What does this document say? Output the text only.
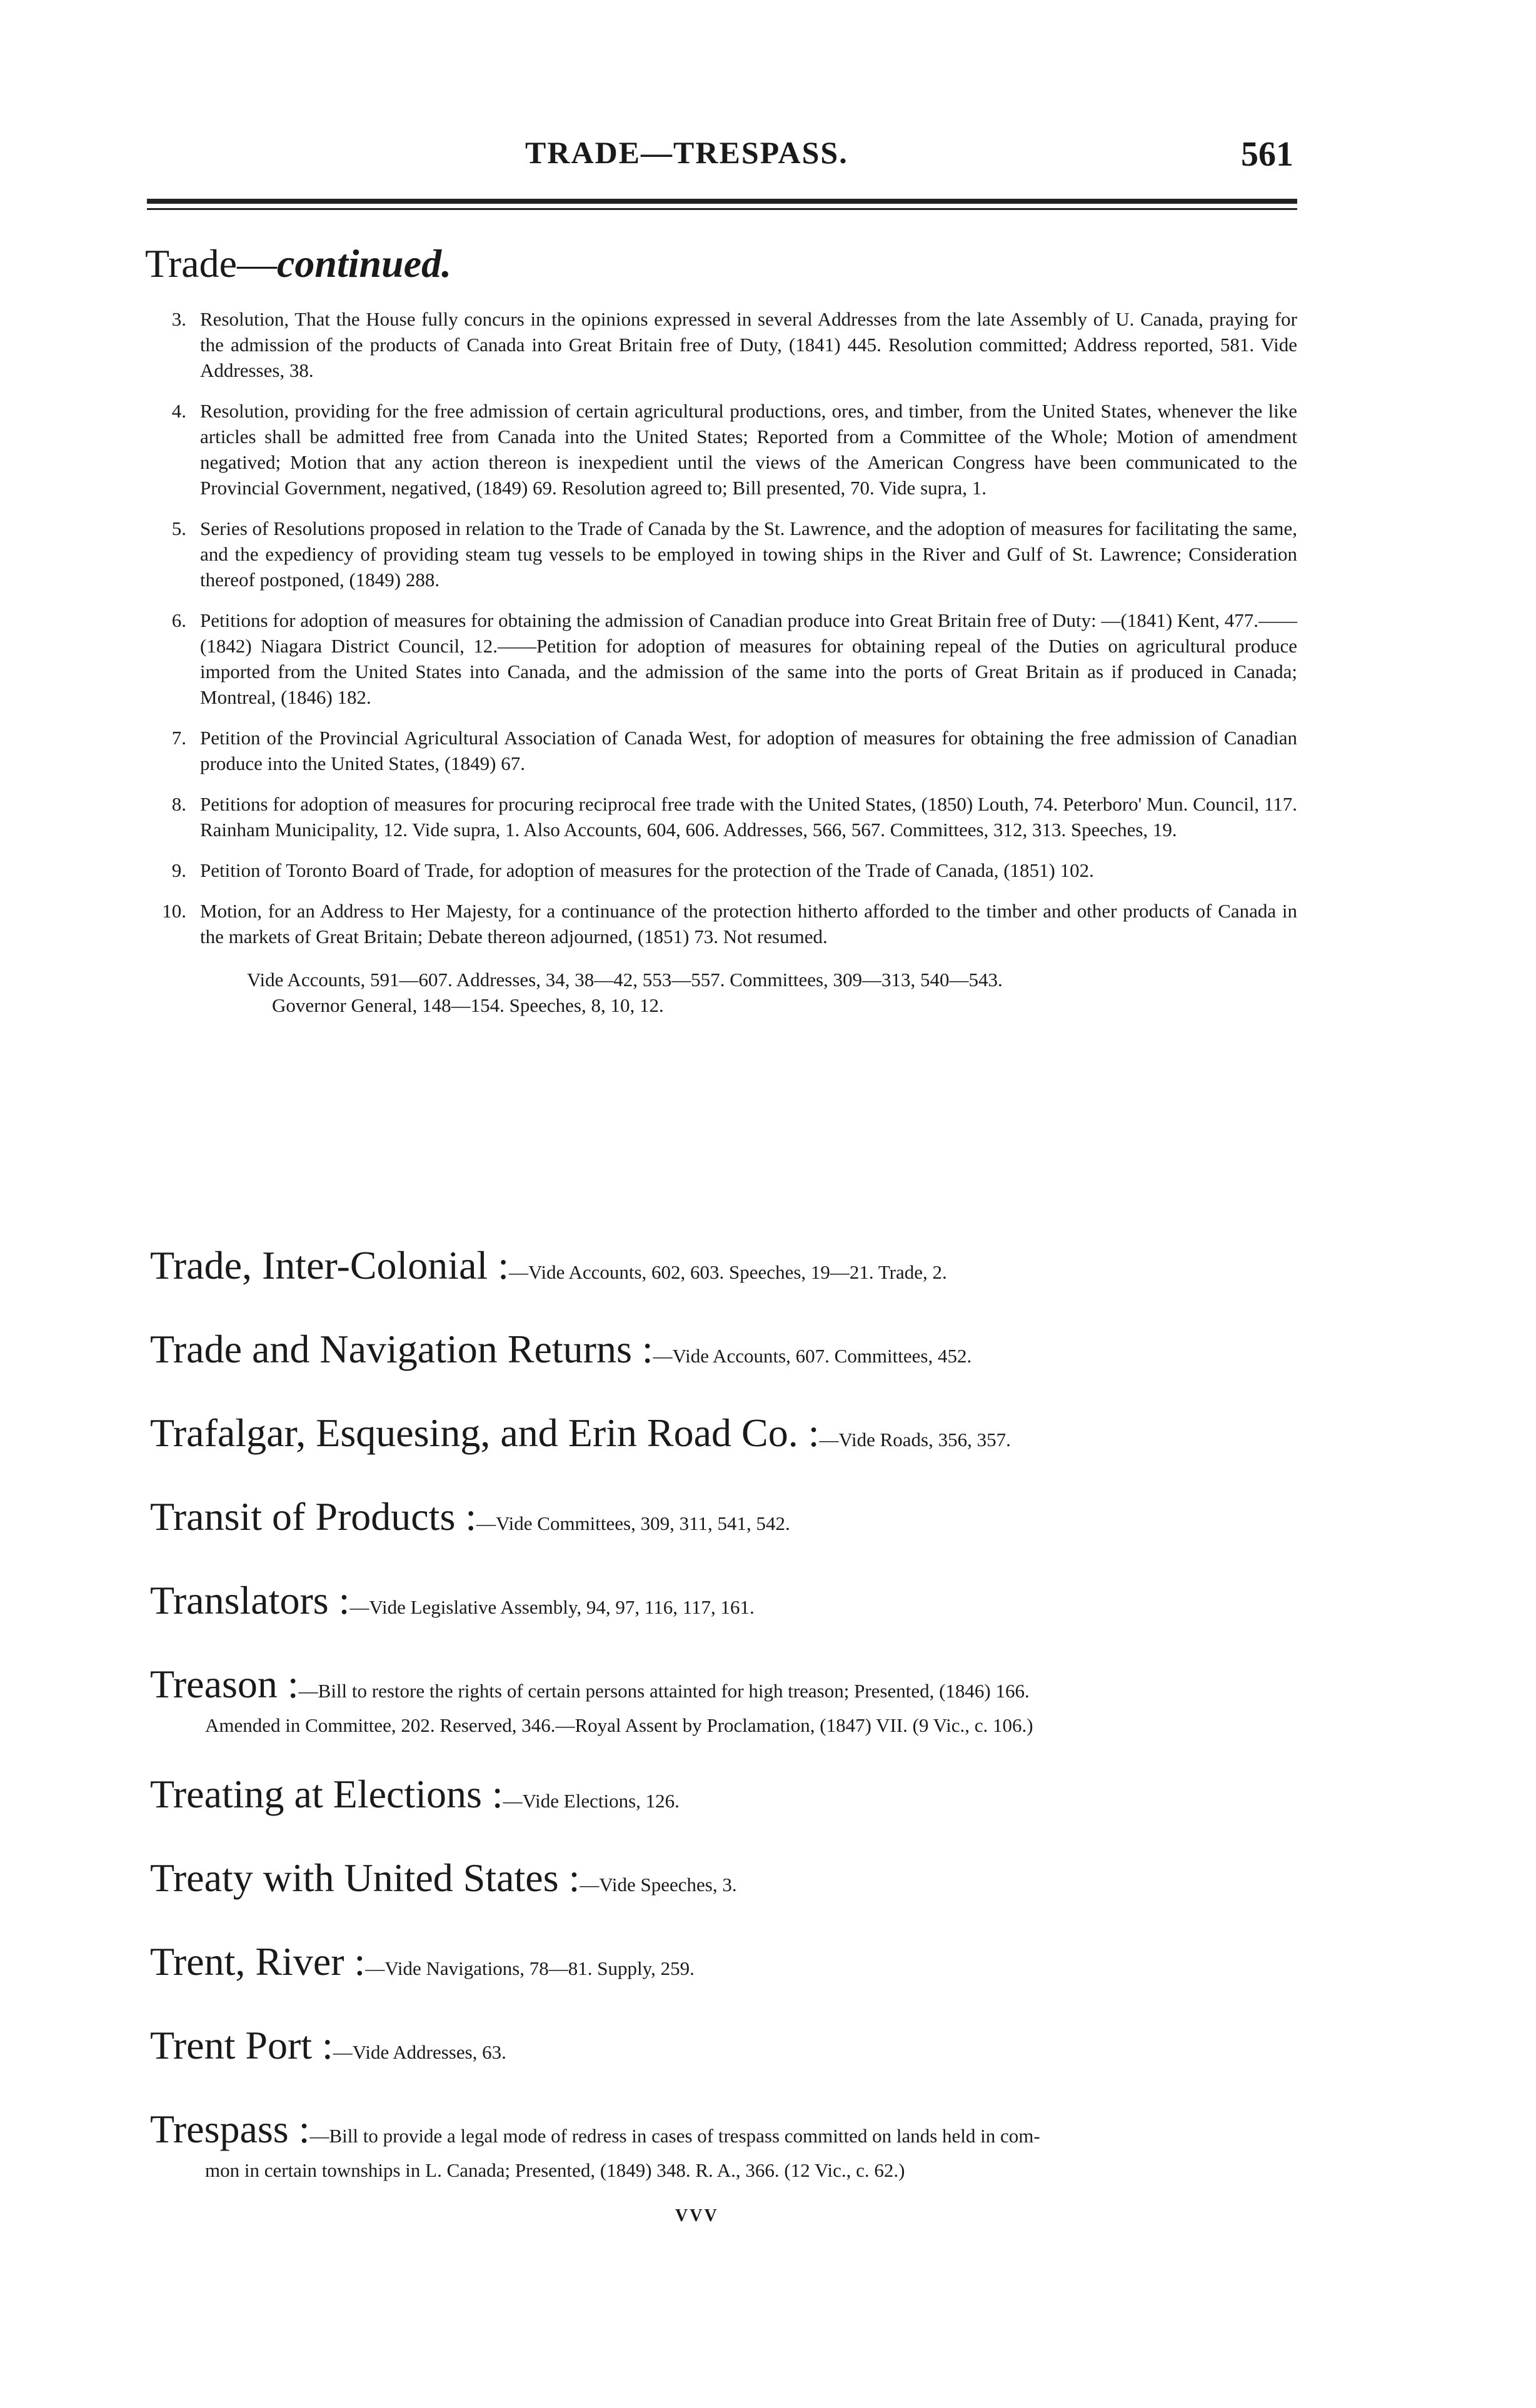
TRADE—TRESPASS.	561
Trade—continued.
3. Resolution, That the House fully concurs in the opinions expressed in several Addresses from the late Assembly of U. Canada, praying for the admission of the products of Canada into Great Britain free of Duty, (1841) 445. Resolution committed; Address reported, 581. Vide Addresses, 38.
4. Resolution, providing for the free admission of certain agricultural productions, ores, and timber, from the United States, whenever the like articles shall be admitted free from Canada into the United States; Reported from a Committee of the Whole; Motion of amendment negatived; Motion that any action thereon is inexpedient until the views of the American Congress have been communicated to the Provincial Government, negatived, (1849) 69. Resolution agreed to; Bill presented, 70. Vide supra, 1.
5. Series of Resolutions proposed in relation to the Trade of Canada by the St. Lawrence, and the adoption of measures for facilitating the same, and the expediency of providing steam tug vessels to be employed in towing ships in the River and Gulf of St. Lawrence; Consideration thereof postponed, (1849) 288.
6. Petitions for adoption of measures for obtaining the admission of Canadian produce into Great Britain free of Duty: —(1841) Kent, 477.——(1842) Niagara District Council, 12.——Petition for adoption of measures for obtaining repeal of the Duties on agricultural produce imported from the United States into Canada, and the admission of the same into the ports of Great Britain as if produced in Canada; Montreal, (1846) 182.
7. Petition of the Provincial Agricultural Association of Canada West, for adoption of measures for obtaining the free admission of Canadian produce into the United States, (1849) 67.
8. Petitions for adoption of measures for procuring reciprocal free trade with the United States, (1850) Louth, 74. Peterboro' Mun. Council, 117. Rainham Municipality, 12. Vide supra, 1. Also Accounts, 604, 606. Addresses, 566, 567. Committees, 312, 313. Speeches, 19.
9. Petition of Toronto Board of Trade, for adoption of measures for the protection of the Trade of Canada, (1851) 102.
10. Motion, for an Address to Her Majesty, for a continuance of the protection hitherto afforded to the timber and other products of Canada in the markets of Great Britain; Debate thereon adjourned, (1851) 73. Not resumed.
Vide Accounts, 591—607. Addresses, 34, 38—42, 553—557. Committees, 309—313, 540—543.
Governor General, 148—154. Speeches, 8, 10, 12.
Trade, Inter-Colonial :—Vide Accounts, 602, 603. Speeches, 19—21. Trade, 2.
Trade and Navigation Returns :—Vide Accounts, 607. Committees, 452.
Trafalgar, Esquesing, and Erin Road Co. :—Vide Roads, 356, 357.
Transit of Products :—Vide Committees, 309, 311, 541, 542.
Translators :—Vide Legislative Assembly, 94, 97, 116, 117, 161.
Treason :—Bill to restore the rights of certain persons attainted for high treason; Presented, (1846) 166.
Amended in Committee, 202. Reserved, 346.—Royal Assent by Proclamation, (1847) VII. (9 Vic., c. 106.)
Treating at Elections :—Vide Elections, 126.
Treaty with United States :—Vide Speeches, 3.
Trent, River :—Vide Navigations, 78—81. Supply, 259.
Trent Port :—Vide Addresses, 63.
Trespass :—Bill to provide a legal mode of redress in cases of trespass committed on lands held in com-
mon in certain townships in L. Canada; Presented, (1849) 348. R. A., 366. (12 Vic., c. 62.)
VVV
